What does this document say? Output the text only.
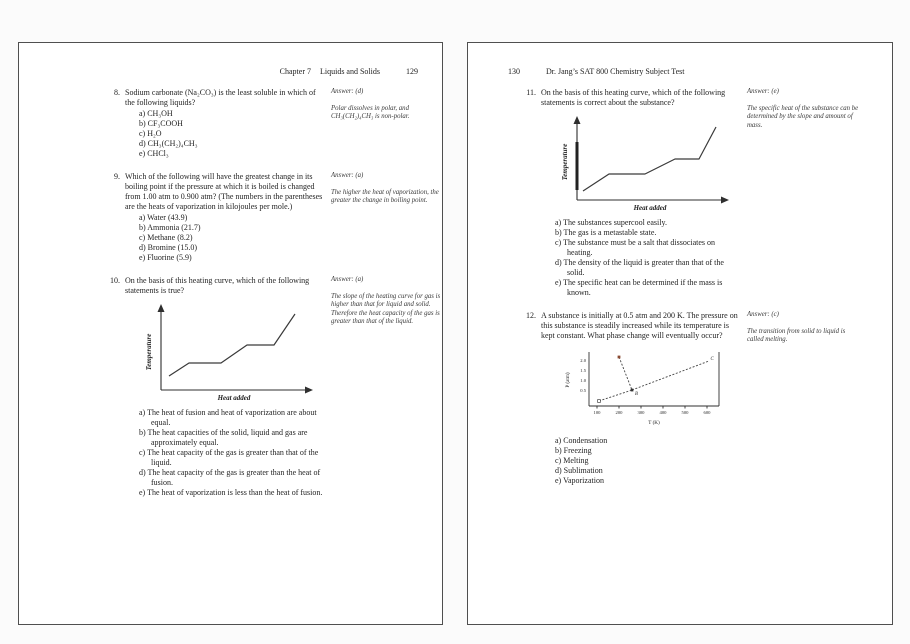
Chapter 7 Liquids and Solids	129
8. Sodium carbonate (Na₂CO₃) is the least soluble in which of the following liquids?
a) CH₃OH
b) CF₃COOH
c) H₂O
d) CH₃(CH₂)₄CH₃
e) CHCl₃
Answer: (d)
Polar dissolves in polar, and CH₃(CH₂)₄CH₃ is non-polar.
9. Which of the following will have the greatest change in its boiling point if the pressure at which it is boiled is changed from 1.00 atm to 0.900 atm? (The numbers in the parentheses are the heats of vaporization in kilojoules per mole.)
a) Water (43.9)
b) Ammonia (21.7)
c) Methane (8.2)
d) Bromine (15.0)
e) Fluorine (5.9)
Answer: (a)
The higher the heat of vaporization, the greater the change in boiling point.
10. On the basis of this heating curve, which of the following statements is true?
Temperature
Heat added
a) The heat of fusion and heat of vaporization are about equal.
b) The heat capacities of the solid, liquid and gas are approximately equal.
c) The heat capacity of the gas is greater than that of the liquid.
d) The heat capacity of the gas is greater than the heat of fusion.
e) The heat of vaporization is less than the heat of fusion.
Answer: (a)
The slope of the heating curve for gas is higher than that for liquid and solid. Therefore the heat capacity of the gas is greater than that of the liquid.
130	Dr. Jang’s SAT 800 Chemistry Subject Test
11. On the basis of this heating curve, which of the following statements is correct about the substance?
Temperature
Heat added
a) The substances supercool easily.
b) The gas is a metastable state.
c) The substance must be a salt that dissociates on heating.
d) The density of the liquid is greater than that of the solid.
e) The specific heat can be determined if the mass is known.
Answer: (e)
The specific heat of the substance can be determined by the slope and amount of mass.
12. A substance is initially at 0.5 atm and 200 K. The pressure on this substance is steadily increased while its temperature is kept constant. What phase change will eventually occur?
B
C
2.0
1.5
1.0
0.5
100	200	300	400	500	600
P (atm)
T (K)
a) Condensation
b) Freezing
c) Melting
d) Sublimation
e) Vaporization
Answer: (c)
The transition from solid to liquid is called melting.
